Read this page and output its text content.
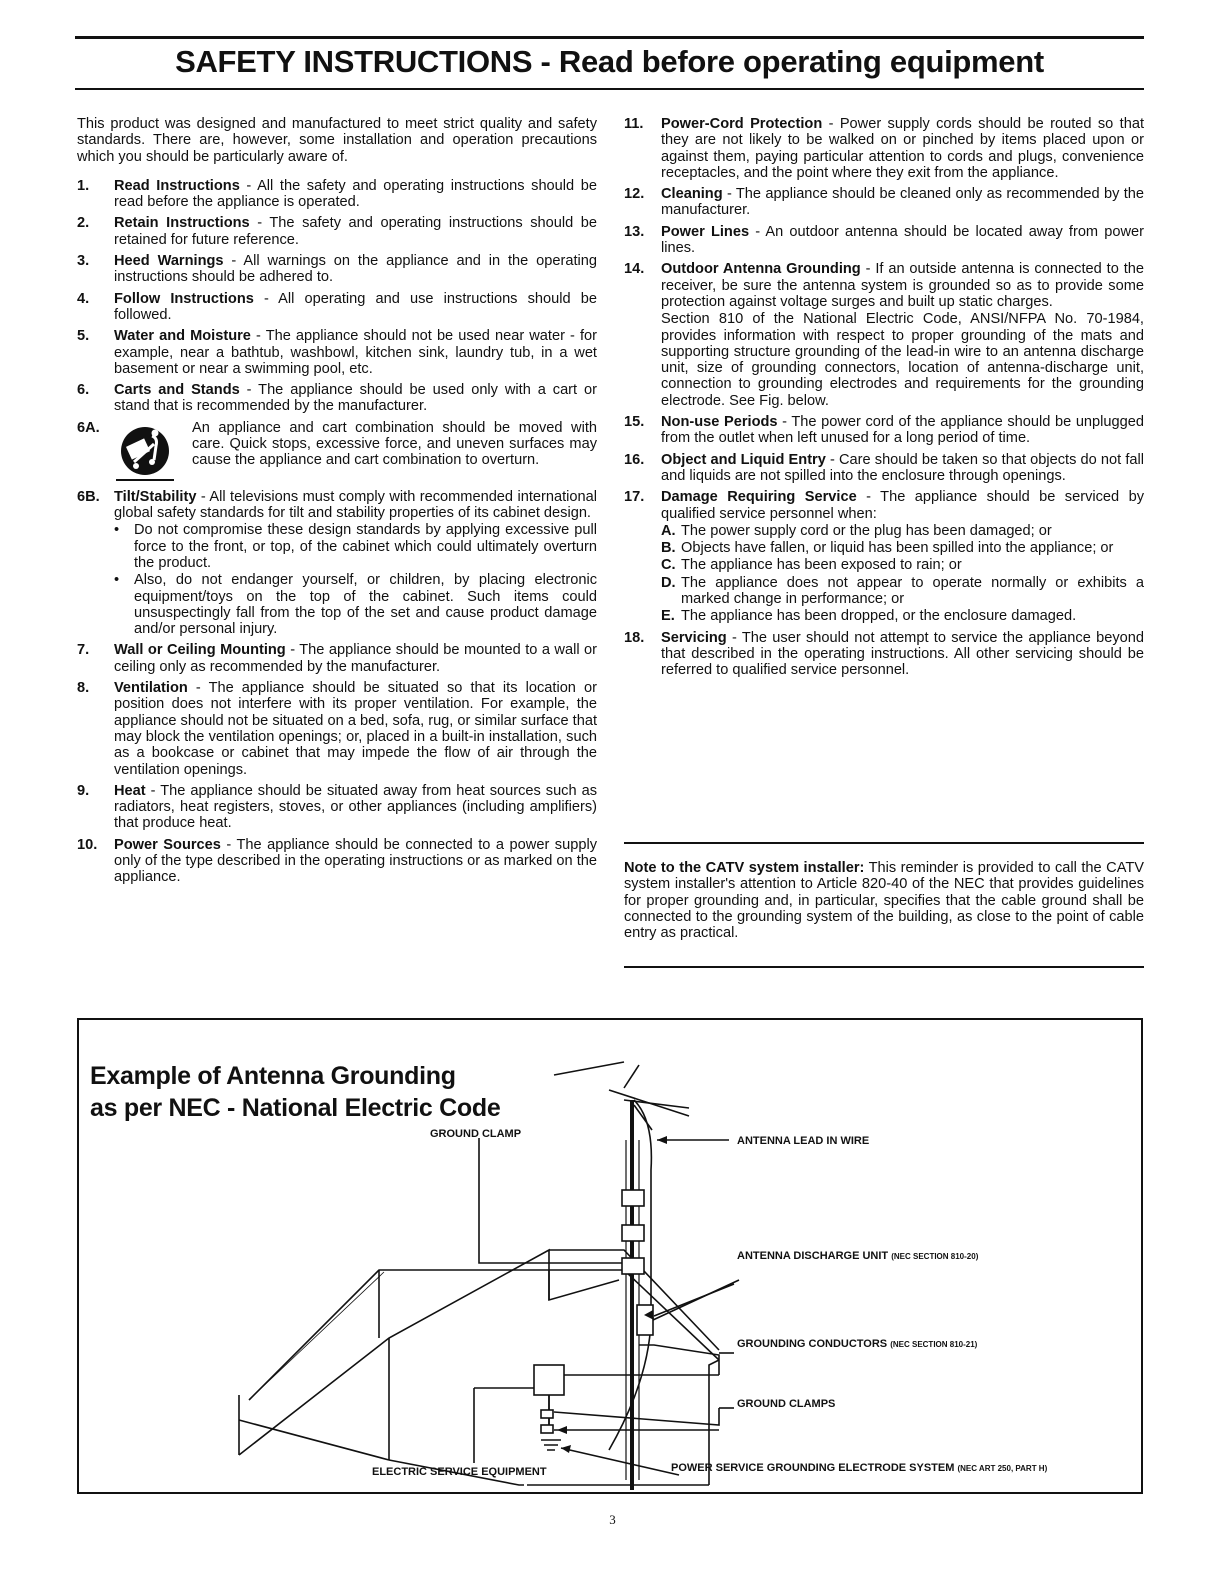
SAFETY INSTRUCTIONS - Read before operating equipment

This product was designed and manufactured to meet strict quality and safety standards. There are, however, some installation and operation precautions which you should be particularly aware of.

1.	Read Instructions - All the safety and operating instructions should be read before the appliance is operated.
2.	Retain Instructions - The safety and operating instructions should be retained for future reference.
3.	Heed Warnings - All warnings on the appliance and in the operating instructions should be adhered to.
4.	Follow Instructions - All operating and use instructions should be followed.
5.	Water and Moisture - The appliance should not be used near water - for example, near a bathtub, washbowl, kitchen sink, laundry tub, in a wet basement or near a swimming pool, etc.
6.	Carts and Stands - The appliance should be used only with a cart or stand that is recommended by the manufacturer.
6A.	An appliance and cart combination should be moved with care. Quick stops, excessive force, and uneven surfaces may cause the appliance and cart combination to overturn.
6B. Tilt/Stability - All televisions must comply with recommended international global safety standards for tilt and stability properties of its cabinet design.
•	Do not compromise these design standards by applying excessive pull force to the front, or top, of the cabinet which could ultimately overturn the product.
•	Also, do not endanger yourself, or children, by placing electronic equipment/toys on the top of the cabinet. Such items could unsuspectingly fall from the top of the set and cause product damage and/or personal injury.
7.	Wall or Ceiling Mounting - The appliance should be mounted to a wall or ceiling only as recommended by the manufacturer.
8.	Ventilation - The appliance should be situated so that its location or position does not interfere with its proper ventilation. For example, the appliance should not be situated on a bed, sofa, rug, or similar surface that may block the ventilation openings; or, placed in a built-in installation, such as a bookcase or cabinet that may impede the flow of air through the ventilation openings.
9.	Heat - The appliance should be situated away from heat sources such as radiators, heat registers, stoves, or other appliances (including amplifiers) that produce heat.
10.	Power Sources - The appliance should be connected to a power supply only of the type described in the operating instructions or as marked on the appliance.
11.	Power-Cord Protection - Power supply cords should be routed so that they are not likely to be walked on or pinched by items placed upon or against them, paying particular attention to cords and plugs, convenience receptacles, and the point where they exit from the appliance.
12.	Cleaning - The appliance should be cleaned only as recommended by the manufacturer.
13.	Power Lines - An outdoor antenna should be located away from power lines.
14.	Outdoor Antenna Grounding - If an outside antenna is connected to the receiver, be sure the antenna system is grounded so as to provide some protection against voltage surges and built up static charges.
Section 810 of the National Electric Code, ANSI/NFPA No. 70-1984, provides information with respect to proper grounding of the mats and supporting structure grounding of the lead-in wire to an antenna discharge unit, size of grounding connectors, location of antenna-discharge unit, connection to grounding electrodes and requirements for the grounding electrode. See Fig. below.
15.	Non-use Periods - The power cord of the appliance should be unplugged from the outlet when left unused for a long period of time.
16.	Object and Liquid Entry - Care should be taken so that objects do not fall and liquids are not spilled into the enclosure through openings.
17.	Damage Requiring Service - The appliance should be serviced by qualified service personnel when:
A. The power supply cord or the plug has been damaged; or
B. Objects have fallen, or liquid has been spilled into the appliance; or
C. The appliance has been exposed to rain; or
D. The appliance does not appear to operate normally or exhibits a marked change in performance; or
E. The appliance has been dropped, or the enclosure damaged.
18.	Servicing - The user should not attempt to service the appliance beyond that described in the operating instructions. All other servicing should be referred to qualified service personnel.
Note to the CATV system installer: This reminder is provided to call the CATV system installer's attention to Article 820-40 of the NEC that provides guidelines for proper grounding and, in particular, specifies that the cable ground shall be connected to the grounding system of the building, as close to the point of cable entry as practical.
Example of Antenna Grounding
as per NEC - National Electric Code
GROUND CLAMP
ANTENNA LEAD IN WIRE
ANTENNA DISCHARGE UNIT (NEC SECTION 810-20)
GROUNDING CONDUCTORS (NEC SECTION 810-21)
GROUND CLAMPS
ELECTRIC SERVICE EQUIPMENT	POWER SERVICE GROUNDING ELECTRODE SYSTEM (NEC ART 250, PART H)
3
